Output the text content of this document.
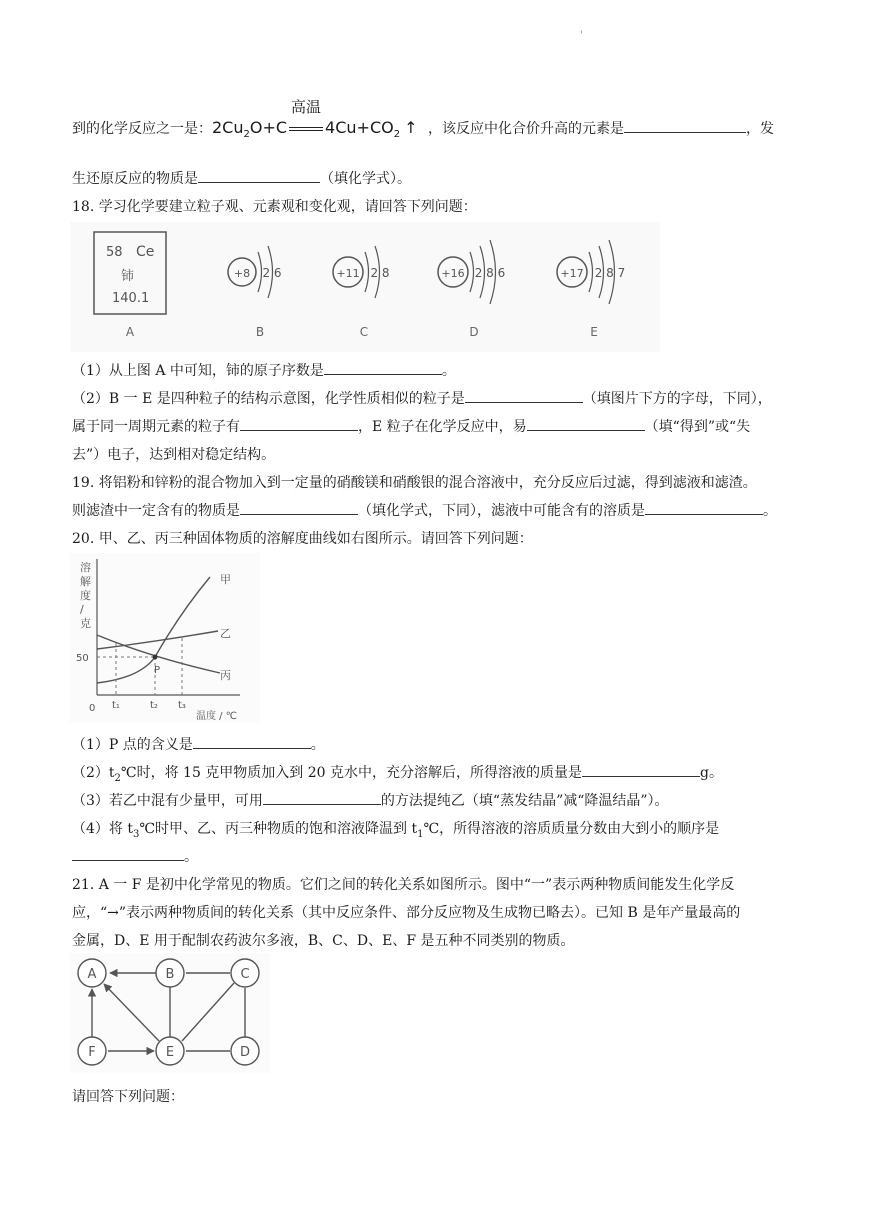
'
到的化学反应之一是：$2Cu_2O+C$
高温
$4Cu+CO_2$ ↑ ，该反应中化合价升高的元素是	，发
生还原反应的物质是	（填化学式）。
18. 学习化学要建立粒子观、元素观和变化观，请回答下列问题：
58 Ce
铈
140.1
+8 2 6	+11 2 8	+16 2 8 6	+17 2 8 7
A	B	C	D	E
（1）从上图 A 中可知，铈的原子序数是	。
（2）B 一 E 是四种粒子的结构示意图，化学性质相似的粒子是	（填图片下方的字母，下同），
属于同一周期元素的粒子有	，E 粒子在化学反应中，易	（填“得到”或“失
去”）电子，达到相对稳定结构。
19. 将铝粉和锌粉的混合物加入到一定量的硝酸镁和硝酸银的混合溶液中，充分反应后过滤，得到滤液和滤渣。
则滤渣中一定含有的物质是	（填化学式，下同），滤液中可能含有的溶质是	。
20. 甲、乙、丙三种固体物质的溶解度曲线如右图所示。请回答下列问题：
溶
解
度
/
克
P
50
0 t₁	t₂ t₃
温度 / ℃
甲
乙
丙
（1）P 点的含义是	。
$(2)t_2℃$时，将 15 克甲物质加入到 20 克水中，充分溶解后，所得溶液的质量是	g。
（3）若乙中混有少量甲，可用	的方法提纯乙（填“蒸发结晶”减“降温结晶”）。
（4）将 $t_3℃$时甲、乙、丙三种物质的饱和溶液降温到 $t_1℃$，所得溶液的溶质质量分数由大到小的顺序是
。
21. A 一 F 是初中化学常见的物质。它们之间的转化关系如图所示。图中“一”表示两种物质间能发生化学反
应，“→”表示两种物质间的转化关系（其中反应条件、部分反应物及生成物已略去）。已知 B 是年产量最高的
金属，D、E 用于配制农药波尔多液，B、C、D、E、F 是五种不同类别的物质。
A	B	C
F	E	D
请回答下列问题：
